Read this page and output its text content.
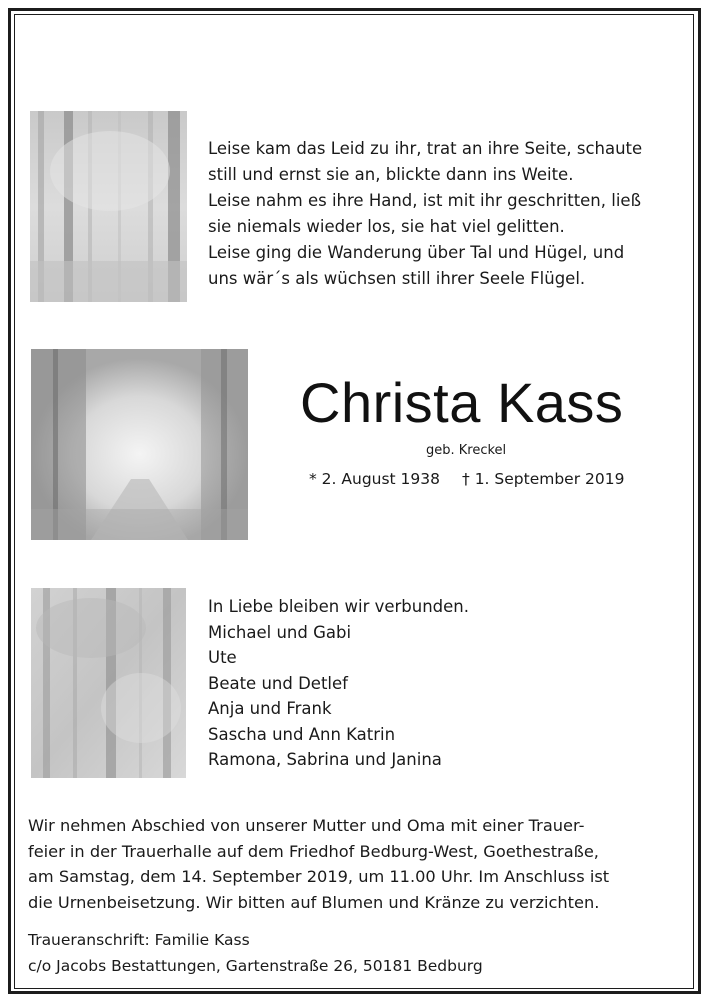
Leise kam das Leid zu ihr, trat an ihre Seite, schaute
still und ernst sie an, blickte dann ins Weite.
Leise nahm es ihre Hand, ist mit ihr geschritten, ließ
sie niemals wieder los, sie hat viel gelitten.
Leise ging die Wanderung über Tal und Hügel, und
uns wär´s als wüchsen still ihrer Seele Flügel.
Christa Kass
geb. Kreckel
* 2. August 1938 † 1. September 2019
In Liebe bleiben wir verbunden.
Michael und Gabi
Ute
Beate und Detlef
Anja und Frank
Sascha und Ann Katrin
Ramona, Sabrina und Janina
Wir nehmen Abschied von unserer Mutter und Oma mit einer Trauer-
feier in der Trauerhalle auf dem Friedhof Bedburg-West, Goethestraße,
am Samstag, dem 14. September 2019, um 11.00 Uhr. Im Anschluss ist
die Urnenbeisetzung. Wir bitten auf Blumen und Kränze zu verzichten.
Traueranschrift: Familie Kass
c/o Jacobs Bestattungen, Gartenstraße 26, 50181 Bedburg
